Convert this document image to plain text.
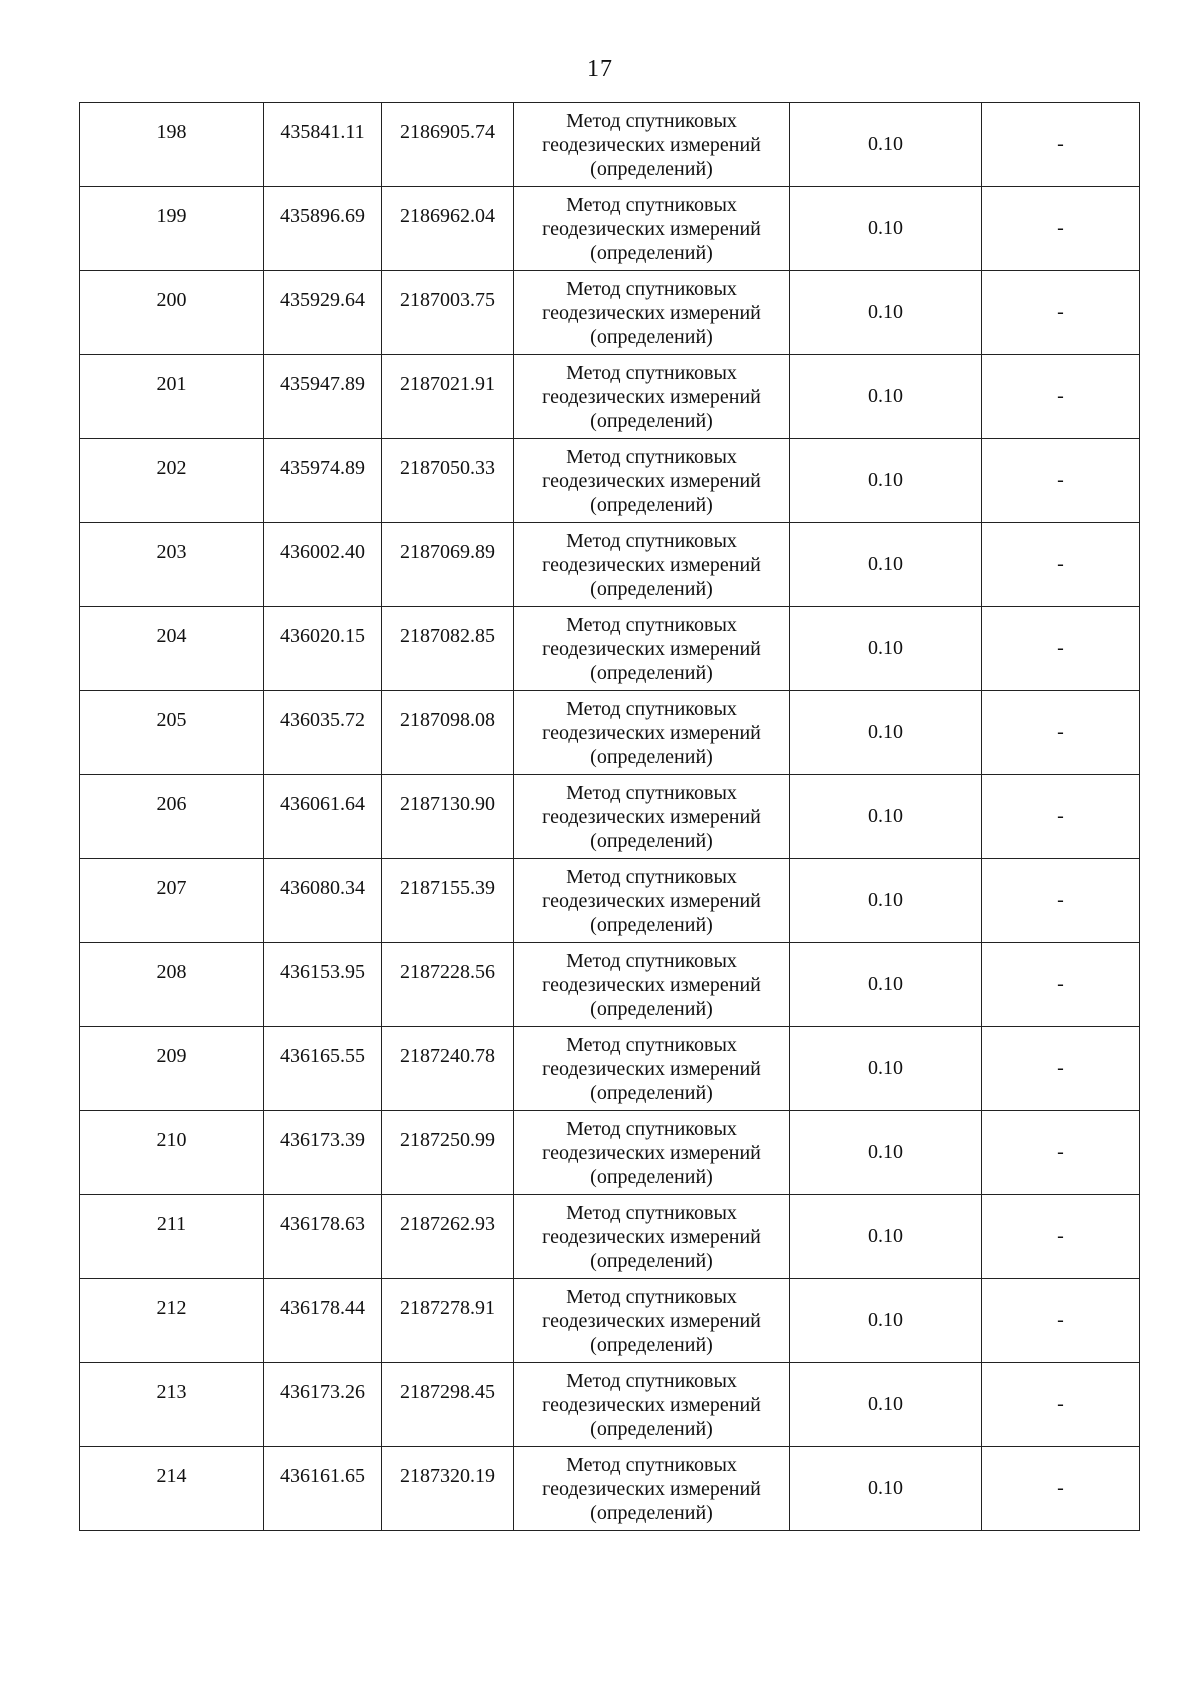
17
198	435841.11	2186905.74	Метод спутниковых
геодезических измерений
(определений)	0.10	-
199	435896.69	2186962.04	Метод спутниковых
геодезических измерений
(определений)	0.10	-
200	435929.64	2187003.75	Метод спутниковых
геодезических измерений
(определений)	0.10	-
201	435947.89	2187021.91	Метод спутниковых
геодезических измерений
(определений)	0.10	-
202	435974.89	2187050.33	Метод спутниковых
геодезических измерений
(определений)	0.10	-
203	436002.40	2187069.89	Метод спутниковых
геодезических измерений
(определений)	0.10	-
204	436020.15	2187082.85	Метод спутниковых
геодезических измерений
(определений)	0.10	-
205	436035.72	2187098.08	Метод спутниковых
геодезических измерений
(определений)	0.10	-
206	436061.64	2187130.90	Метод спутниковых
геодезических измерений
(определений)	0.10	-
207	436080.34	2187155.39	Метод спутниковых
геодезических измерений
(определений)	0.10	-
208	436153.95	2187228.56	Метод спутниковых
геодезических измерений
(определений)	0.10	-
209	436165.55	2187240.78	Метод спутниковых
геодезических измерений
(определений)	0.10	-
210	436173.39	2187250.99	Метод спутниковых
геодезических измерений
(определений)	0.10	-
211	436178.63	2187262.93	Метод спутниковых
геодезических измерений
(определений)	0.10	-
212	436178.44	2187278.91	Метод спутниковых
геодезических измерений
(определений)	0.10	-
213	436173.26	2187298.45	Метод спутниковых
геодезических измерений
(определений)	0.10	-
214	436161.65	2187320.19	Метод спутниковых
геодезических измерений
(определений)	0.10	-
